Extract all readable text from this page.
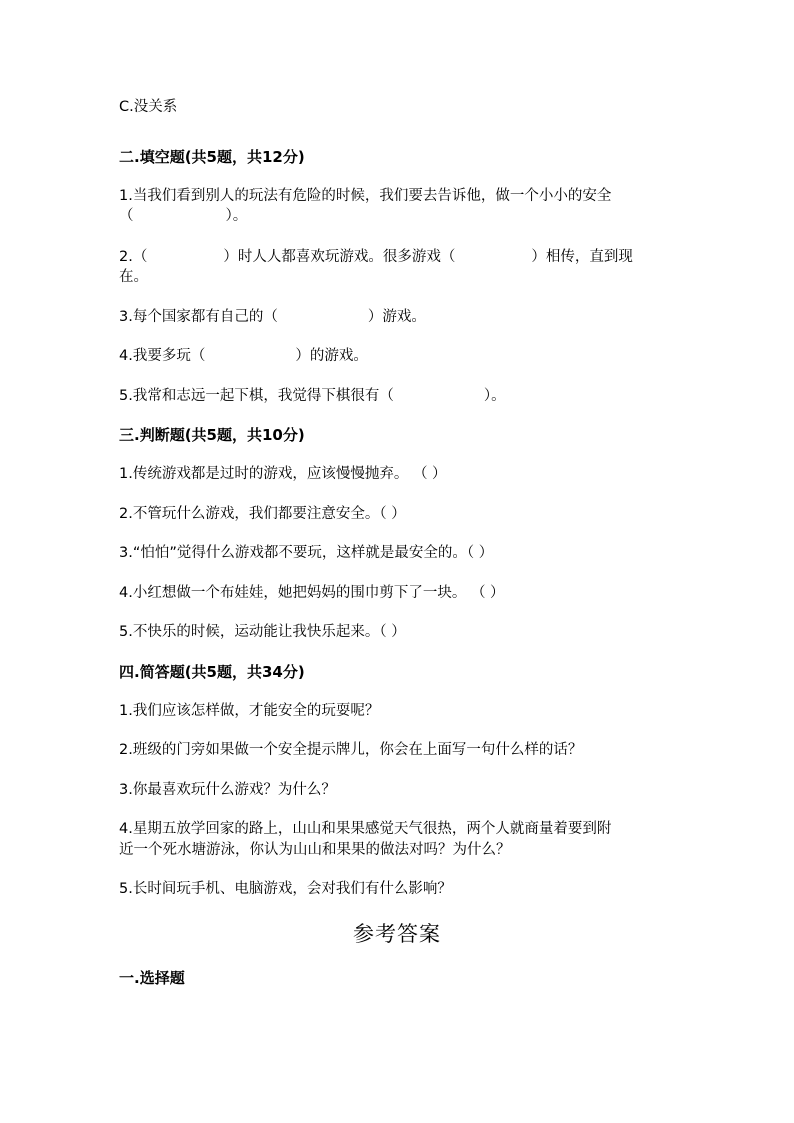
C.没关系
二.填空题(共5题，共12分)
1.当我们看到别人的玩法有危险的时候，我们要去告诉他，做一个小小的安全
（	）。
2.（	）时人人都喜欢玩游戏。很多游戏（	）相传，直到现
在。
3.每个国家都有自己的（	）游戏。
4.我要多玩（	）的游戏。
5.我常和志远一起下棋，我觉得下棋很有（	）。
三.判断题(共5题，共10分)
1.传统游戏都是过时的游戏，应该慢慢抛弃。 （ ）
2.不管玩什么游戏，我们都要注意安全。（ ）
3.“怕怕”觉得什么游戏都不要玩，这样就是最安全的。（ ）
4.小红想做一个布娃娃，她把妈妈的围巾剪下了一块。 （ ）
5.不快乐的时候，运动能让我快乐起来。（ ）
四.简答题(共5题，共34分)
1.我们应该怎样做，才能安全的玩耍呢？
2.班级的门旁如果做一个安全提示牌儿，你会在上面写一句什么样的话？
3.你最喜欢玩什么游戏？为什么？
4.星期五放学回家的路上，山山和果果感觉天气很热，两个人就商量着要到附
近一个死水塘游泳，你认为山山和果果的做法对吗？为什么？
5.长时间玩手机、电脑游戏，会对我们有什么影响？
参考答案
一.选择题
